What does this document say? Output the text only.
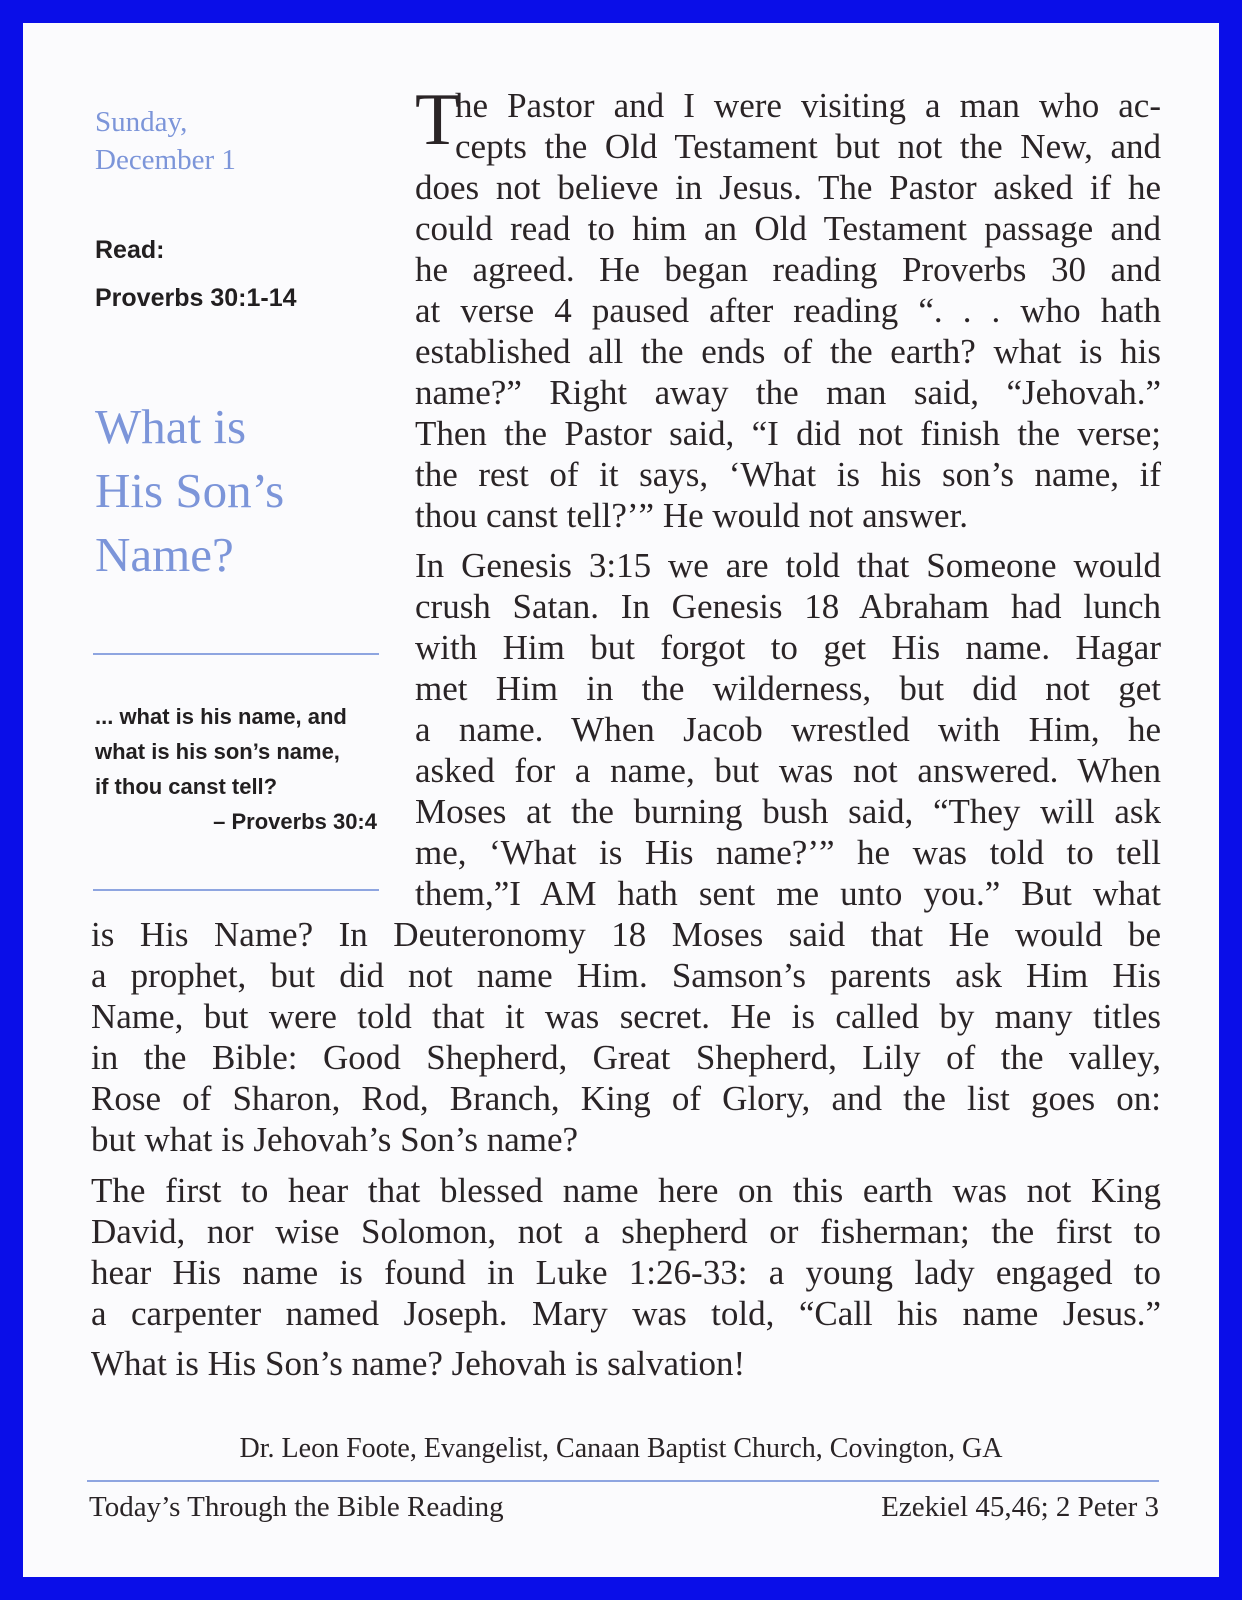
Sunday,
December 1
Read:
Proverbs 30:1-14
What is
His Son’s
Name?
... what is his name, and
what is his son’s name,
if thou canst tell?
– Proverbs 30:4
T
he Pastor and I were visiting a man who ac-
cepts the Old Testament but not the New, and
does not believe in Jesus. The Pastor asked if he
could read to him an Old Testament passage and
he agreed. He began reading Proverbs 30 and
at verse 4 paused after reading “. . . who hath
established all the ends of the earth? what is his
name?” Right away the man said, “Jehovah.”
Then the Pastor said, “I did not finish the verse;
the rest of it says, ‘What is his son’s name, if
thou canst tell?’” He would not answer.
In Genesis 3:15 we are told that Someone would
crush Satan. In Genesis 18 Abraham had lunch
with Him but forgot to get His name. Hagar
met Him in the wilderness, but did not get
a name. When Jacob wrestled with Him, he
asked for a name, but was not answered. When
Moses at the burning bush said, “They will ask
me, ‘What is His name?’” he was told to tell
them,”I AM hath sent me unto you.” But what
is His Name? In Deuteronomy 18 Moses said that He would be
a prophet, but did not name Him. Samson’s parents ask Him His
Name, but were told that it was secret. He is called by many titles
in the Bible: Good Shepherd, Great Shepherd, Lily of the valley,
Rose of Sharon, Rod, Branch, King of Glory, and the list goes on:
but what is Jehovah’s Son’s name?
The first to hear that blessed name here on this earth was not King
David, nor wise Solomon, not a shepherd or fisherman; the first to
hear His name is found in Luke 1:26-33: a young lady engaged to
a carpenter named Joseph. Mary was told, “Call his name Jesus.”
What is His Son’s name? Jehovah is salvation!
Dr. Leon Foote, Evangelist, Canaan Baptist Church, Covington, GA
Today’s Through the Bible Reading	Ezekiel 45,46; 2 Peter 3
